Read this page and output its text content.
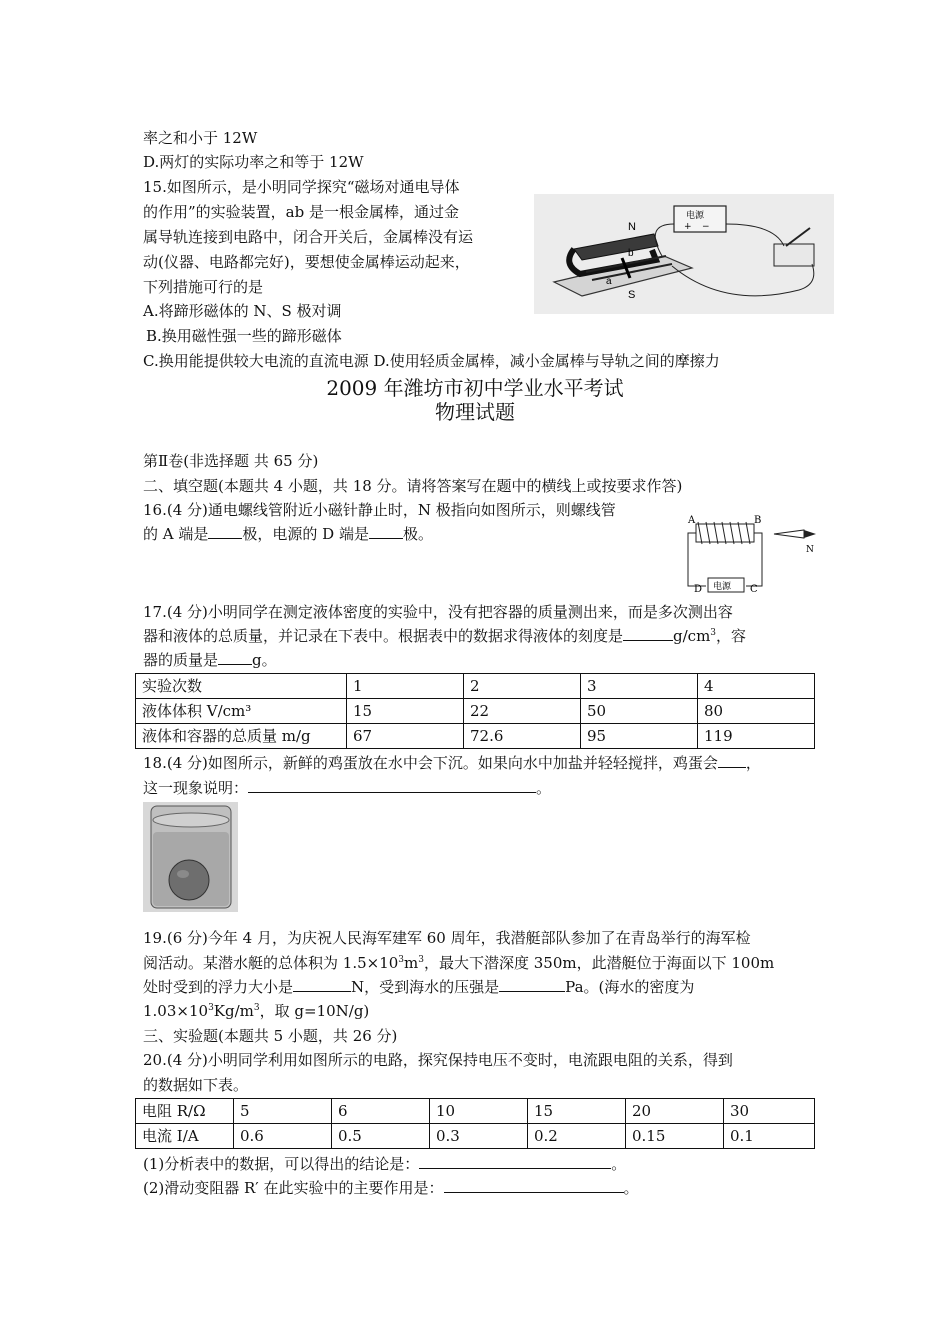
率之和小于 12W
D.两灯的实际功率之和等于 12W
15.如图所示，是小明同学探究“磁场对通电导体
的作用”的实验装置，ab 是一根金属棒，通过金
属导轨连接到电路中，闭合开关后，金属棒没有运
动(仪器、电路都完好)，要想使金属棒运动起来，
下列措施可行的是
A.将蹄形磁体的 N、S 极对调
B.换用磁性强一些的蹄形磁体
C.换用能提供较大电流的直流电源 D.使用轻质金属棒，减小金属棒与导轨之间的摩擦力
N
S
a
b
电源
+ −
2009 年潍坊市初中学业水平考试
物理试题
第Ⅱ卷(非选择题 共 65 分)
二、填空题(本题共 4 小题，共 18 分。请将答案写在题中的横线上或按要求作答)
16.(4 分)通电螺线管附近小磁针静止时，N 极指向如图所示，则螺线管
的 A 端是 极，电源的 D 端是 极。
A	B
电源
D	C
N
17.(4 分)小明同学在测定液体密度的实验中，没有把容器的质量测出来，而是多次测出容
器和液体的总质量，并记录在下表中。根据表中的数据求得液体的刻度是	$g/cm^3$，容
器的质量是 g。
实验次数	1	2	3	4
液体体积 V/cm³	15	22	50	80
液体和容器的总质量 m/g	67	72.6	95	119
18.(4 分)如图所示，新鲜的鸡蛋放在水中会下沉。如果向水中加盐并轻轻搅拌，鸡蛋会 ，
这一现象说明：	。
19.(6 分)今年 4 月，为庆祝人民海军建军 60 周年，我潜艇部队参加了在青岛举行的海军检
阅活动。某潜水艇的总体积为 $1.5\times 10^3m^3$，最大下潜深度 350m，此潜艇位于海面以下 100m
处时受到的浮力大小是	N，受到海水的压强是	Pa。(海水的密度为
$1.03\times 10^3Kg/m^3$，取 g=10N/g)
三、实验题(本题共 5 小题，共 26 分)
20.(4 分)小明同学利用如图所示的电路，探究保持电压不变时，电流跟电阻的关系，得到
的数据如下表。
电阻 R/Ω	5	6	10	15	20	30
电流 I/A	0.6	0.5	0.3	0.2	0.15	0.1
(1)分析表中的数据，可以得出的结论是：	。
(2)滑动变阻器 R′ 在此实验中的主要作用是：	。
